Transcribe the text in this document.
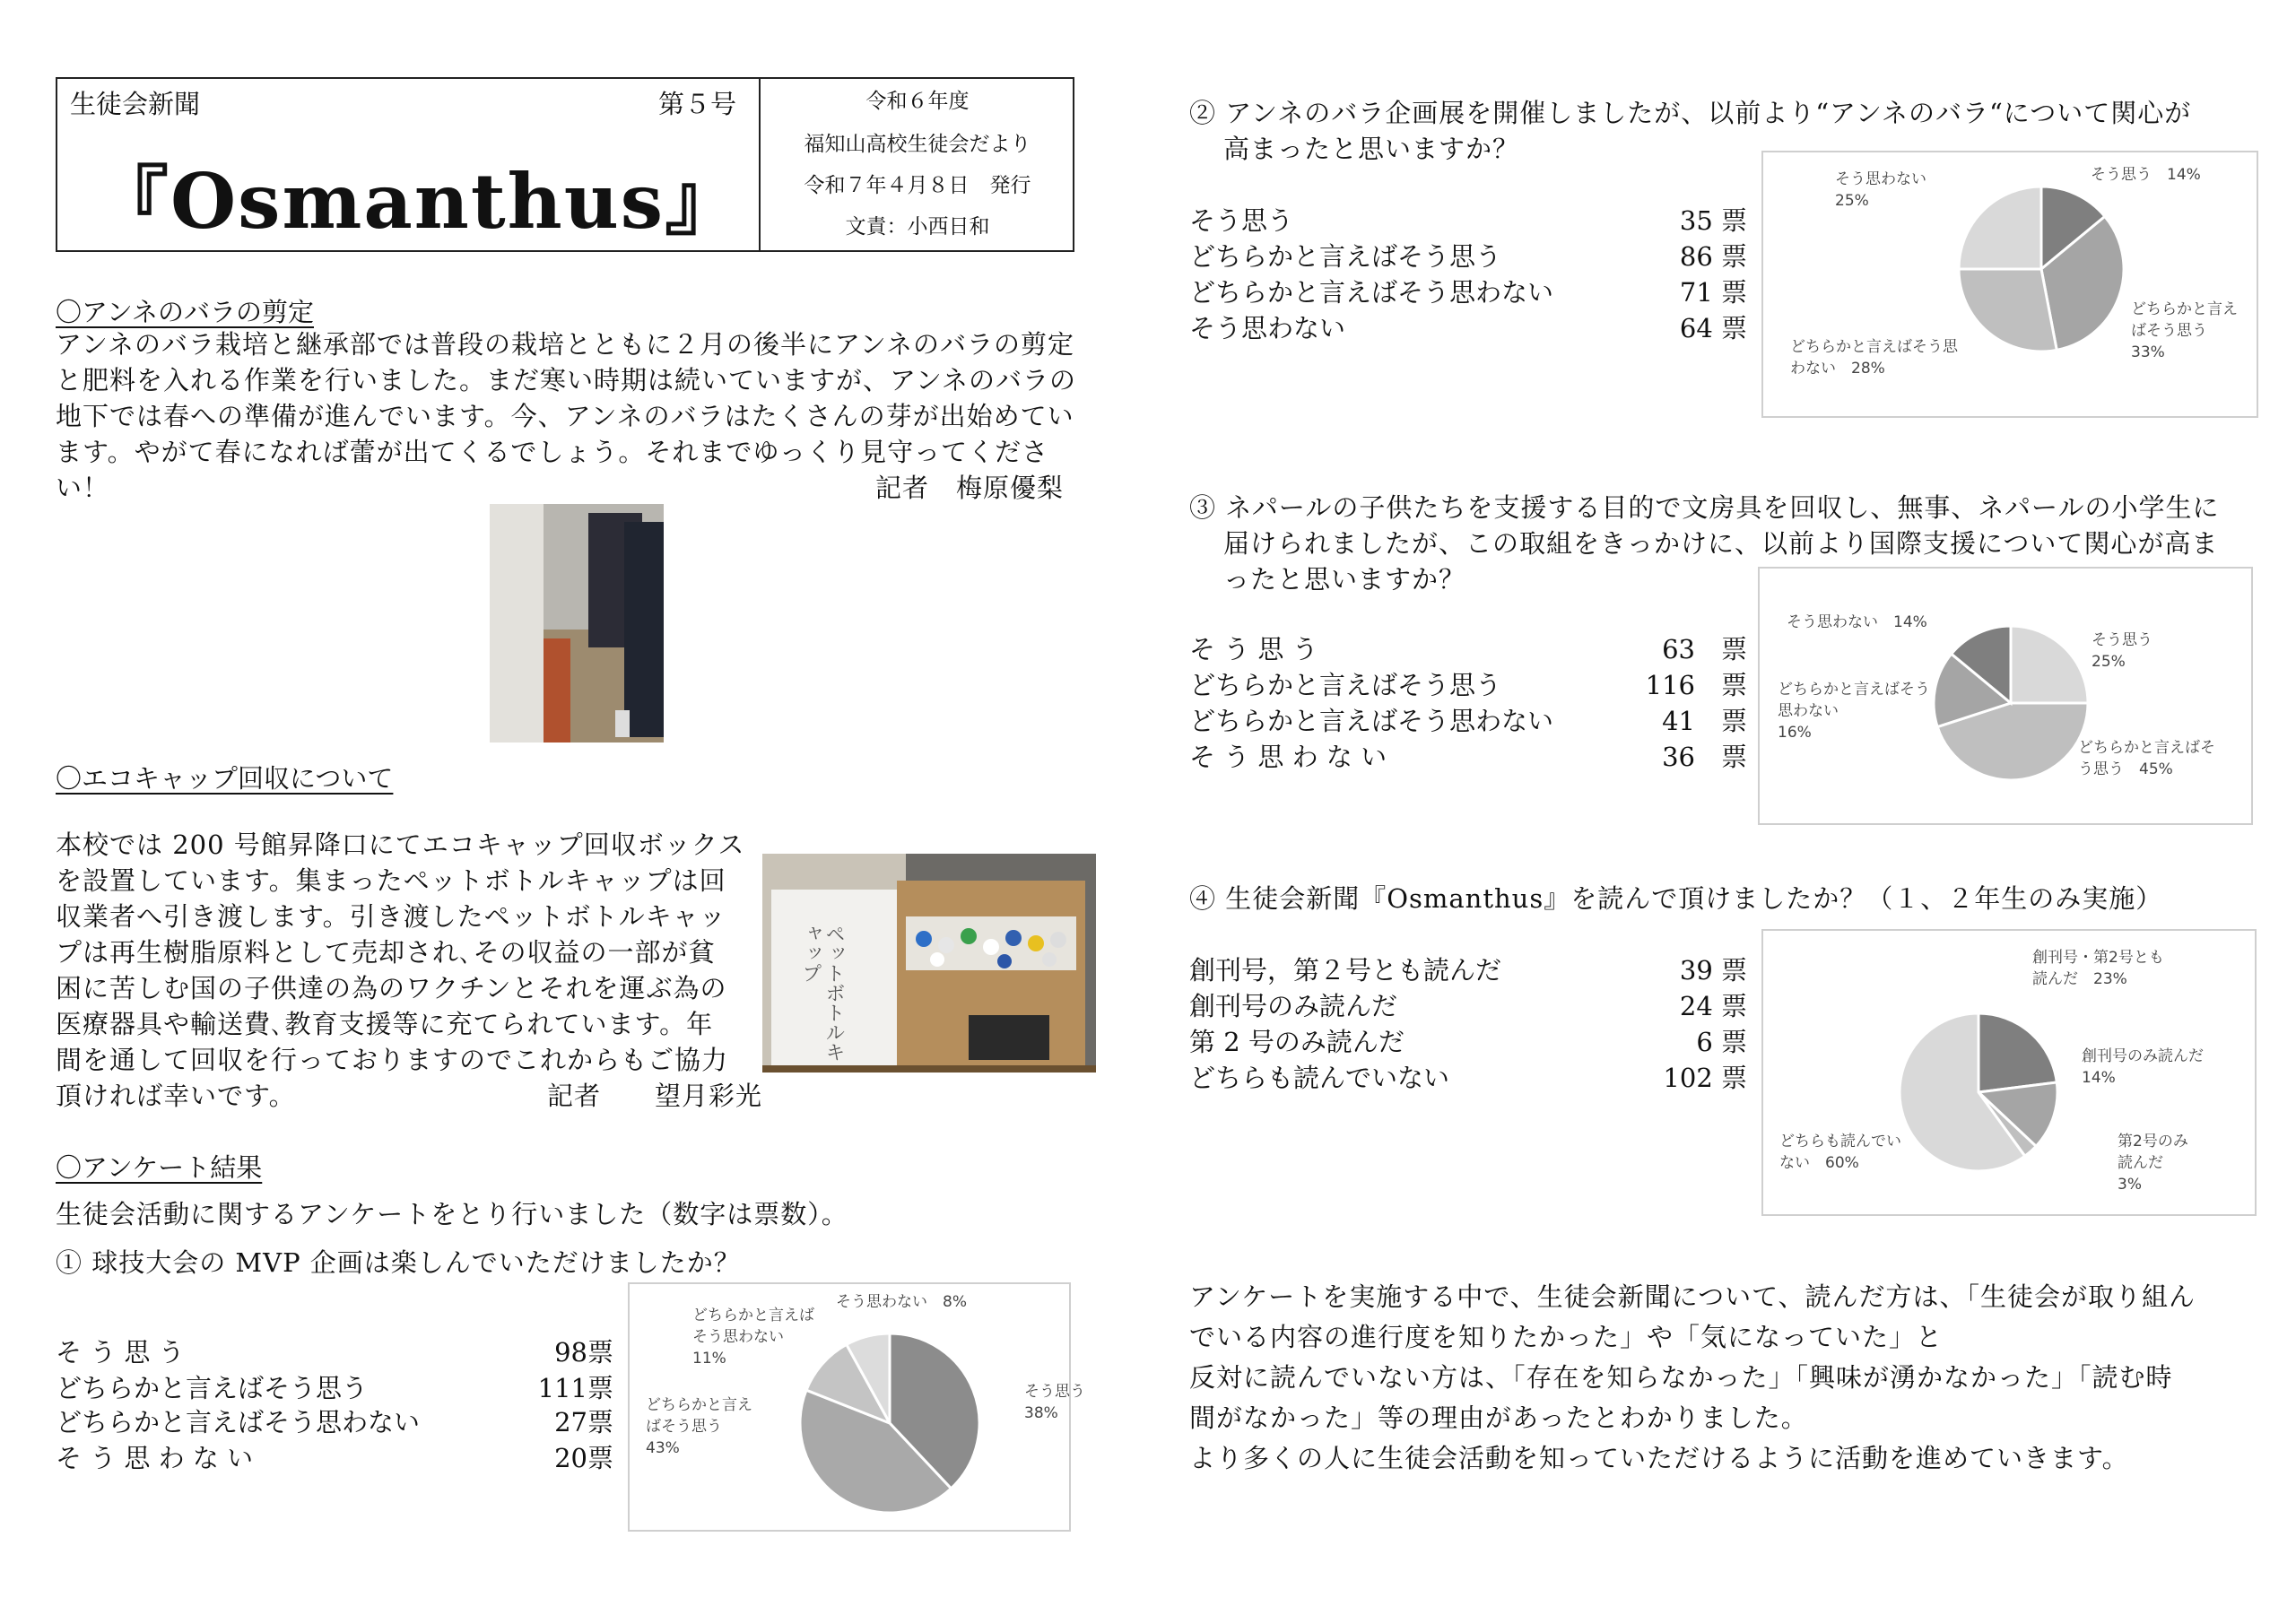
生徒会新聞	第５号
『Osmanthus』
令和６年度
福知山高校生徒会だより
令和７年４月８日　発行
文責：小西日和
〇アンネのバラの剪定
アンネのバラ栽培と継承部では普段の栽培とともに２月の後半にアンネのバラの剪定
と肥料を入れる作業を行いました。まだ寒い時期は続いていますが、アンネのバラの
地下では春への準備が進んでいます。今、アンネのバラはたくさんの芽が出始めてい
ます。やがて春になれば蕾が出てくるでしょう。それまでゆっくり見守ってくださ
い！	記者　梅原優梨
〇エコキャップ回収について
本校では 200 号館昇降口にてエコキャップ回収ボックス
を設置しています。集まったペットボトルキャップは回
収業者へ引き渡します。引き渡したペットボトルキャッ
プは再生樹脂原料として売却され､その収益の一部が貧
困に苦しむ国の子供達の為のワクチンとそれを運ぶ為の
医療器具や輸送費､教育支援等に充てられています。年
間を通して回収を行っておりますのでこれからもご協力
頂ければ幸いです。	記者　　望月彩光
ペットボトルキャップ
〇アンケート結果
生徒会活動に関するアンケートをとり行いました（数字は票数）。
① 球技大会の MVP 企画は楽しんでいただけましたか？
そ う 思 う	98票
どちらかと言えばそう思う	111票
どちらかと言えばそう思わない	27票
そ う 思 わ な い	20票
そう思う 38%
どちらかと言えばそう思う 43%
どちらかと言えばそう思わない 11%
そう思わない　8%
② アンネのバラ企画展を開催しましたが、以前より“アンネのバラ“について関心が
高まったと思いますか？
そう思う	35 票
どちらかと言えばそう思う	86 票
どちらかと言えばそう思わない	71 票
そう思わない	64 票
そう思う　14%
どちらかと言えばそう思う 33%
どちらかと言えばそう思わない　28%
そう思わない 25%
③ ネパールの子供たちを支援する目的で文房具を回収し、無事、ネパールの小学生に
届けられましたが、この取組をきっかけに、以前より国際支援について関心が高ま
ったと思いますか？
そ う 思 う	63　票
どちらかと言えばそう思う	116　票
どちらかと言えばそう思わない	41　票
そ う 思 わ な い	36　票
そう思う 25%
どちらかと言えばそう思う　45%
どちらかと言えばそう思わない 16%
そう思わない　14%
④ 生徒会新聞『Osmanthus』を読んで頂けましたか？（１、２年生のみ実施）
創刊号，第２号とも読んだ	39 票
創刊号のみ読んだ	24 票
第 2 号のみ読んだ	6 票
どちらも読んでいない	102 票
創刊号・第2号とも読んだ　23%
創刊号のみ読んだ 14%
第2号のみ読んだ 3%
どちらも読んでいない　60%
アンケートを実施する中で、生徒会新聞について、読んだ方は、「生徒会が取り組ん
でいる内容の進行度を知りたかった」や「気になっていた」と
反対に読んでいない方は、「存在を知らなかった」「興味が湧かなかった」「読む時
間がなかった」等の理由があったとわかりました。
より多くの人に生徒会活動を知っていただけるように活動を進めていきます。
